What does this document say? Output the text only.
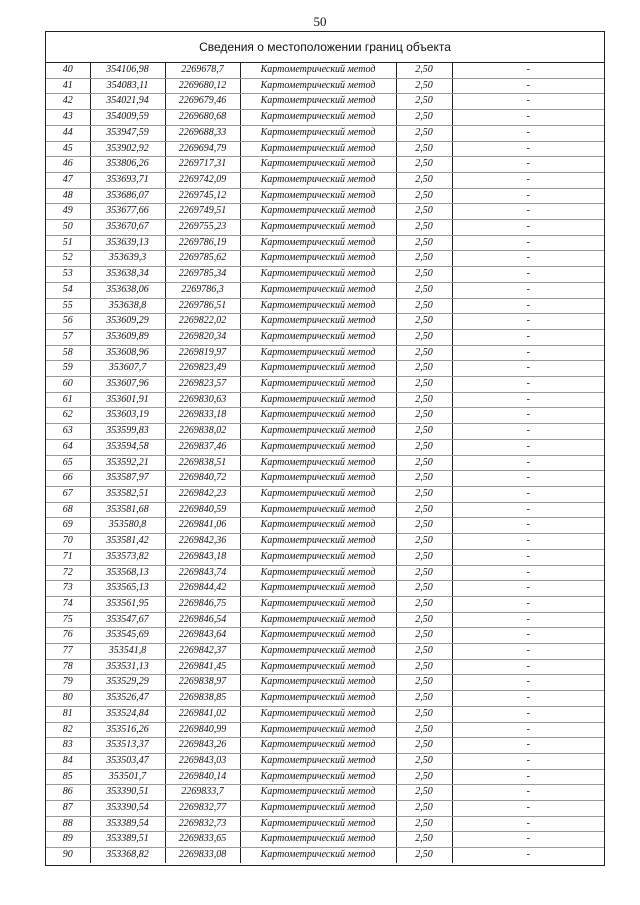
50
Сведения о местоположении границ объекта
40	354106,98	2269678,7	Картометрический метод	2,50	-
41	354083,11	2269680,12	Картометрический метод	2,50	-
42	354021,94	2269679,46	Картометрический метод	2,50	-
43	354009,59	2269680,68	Картометрический метод	2,50	-
44	353947,59	2269688,33	Картометрический метод	2,50	-
45	353902,92	2269694,79	Картометрический метод	2,50	-
46	353806,26	2269717,31	Картометрический метод	2,50	-
47	353693,71	2269742,09	Картометрический метод	2,50	-
48	353686,07	2269745,12	Картометрический метод	2,50	-
49	353677,66	2269749,51	Картометрический метод	2,50	-
50	353670,67	2269755,23	Картометрический метод	2,50	-
51	353639,13	2269786,19	Картометрический метод	2,50	-
52	353639,3	2269785,62	Картометрический метод	2,50	-
53	353638,34	2269785,34	Картометрический метод	2,50	-
54	353638,06	2269786,3	Картометрический метод	2,50	-
55	353638,8	2269786,51	Картометрический метод	2,50	-
56	353609,29	2269822,02	Картометрический метод	2,50	-
57	353609,89	2269820,34	Картометрический метод	2,50	-
58	353608,96	2269819,97	Картометрический метод	2,50	-
59	353607,7	2269823,49	Картометрический метод	2,50	-
60	353607,96	2269823,57	Картометрический метод	2,50	-
61	353601,91	2269830,63	Картометрический метод	2,50	-
62	353603,19	2269833,18	Картометрический метод	2,50	-
63	353599,83	2269838,02	Картометрический метод	2,50	-
64	353594,58	2269837,46	Картометрический метод	2,50	-
65	353592,21	2269838,51	Картометрический метод	2,50	-
66	353587,97	2269840,72	Картометрический метод	2,50	-
67	353582,51	2269842,23	Картометрический метод	2,50	-
68	353581,68	2269840,59	Картометрический метод	2,50	-
69	353580,8	2269841,06	Картометрический метод	2,50	-
70	353581,42	2269842,36	Картометрический метод	2,50	-
71	353573,82	2269843,18	Картометрический метод	2,50	-
72	353568,13	2269843,74	Картометрический метод	2,50	-
73	353565,13	2269844,42	Картометрический метод	2,50	-
74	353561,95	2269846,75	Картометрический метод	2,50	-
75	353547,67	2269846,54	Картометрический метод	2,50	-
76	353545,69	2269843,64	Картометрический метод	2,50	-
77	353541,8	2269842,37	Картометрический метод	2,50	-
78	353531,13	2269841,45	Картометрический метод	2,50	-
79	353529,29	2269838,97	Картометрический метод	2,50	-
80	353526,47	2269838,85	Картометрический метод	2,50	-
81	353524,84	2269841,02	Картометрический метод	2,50	-
82	353516,26	2269840,99	Картометрический метод	2,50	-
83	353513,37	2269843,26	Картометрический метод	2,50	-
84	353503,47	2269843,03	Картометрический метод	2,50	-
85	353501,7	2269840,14	Картометрический метод	2,50	-
86	353390,51	2269833,7	Картометрический метод	2,50	-
87	353390,54	2269832,77	Картометрический метод	2,50	-
88	353389,54	2269832,73	Картометрический метод	2,50	-
89	353389,51	2269833,65	Картометрический метод	2,50	-
90	353368,82	2269833,08	Картометрический метод	2,50	-
